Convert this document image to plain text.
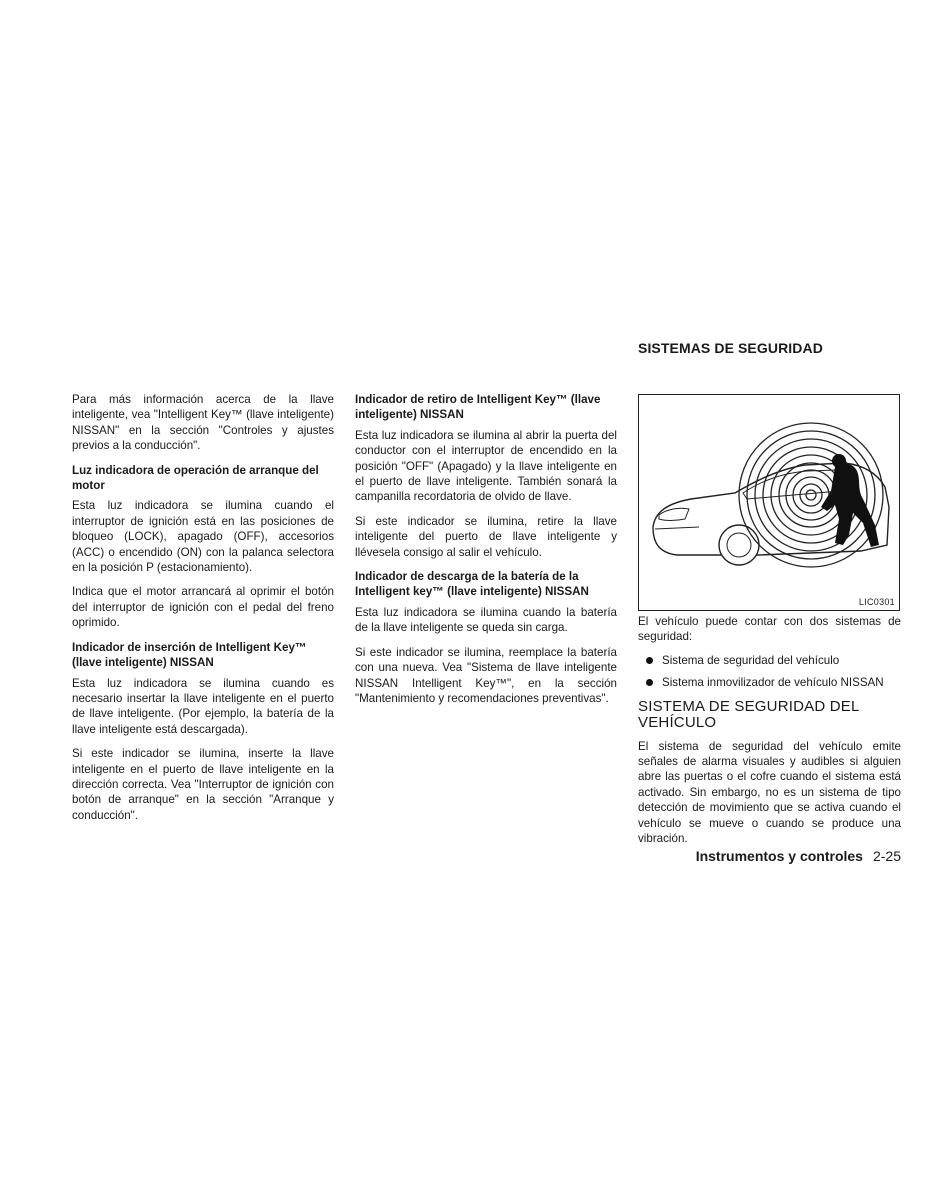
Para más información acerca de la llave inteligente, vea "Intelligent Key™ (llave inteligente) NISSAN" en la sección "Controles y ajustes previos a la conducción".

Luz indicadora de operación de arranque del motor

Esta luz indicadora se ilumina cuando el interruptor de ignición está en las posiciones de bloqueo (LOCK), apagado (OFF), accesorios (ACC) o encendido (ON) con la palanca selectora en la posición P (estacionamiento).

Indica que el motor arrancará al oprimir el botón del interruptor de ignición con el pedal del freno oprimido.

Indicador de inserción de Intelligent Key™ (llave inteligente) NISSAN

Esta luz indicadora se ilumina cuando es necesario insertar la llave inteligente en el puerto de llave inteligente. (Por ejemplo, la batería de la llave inteligente está descargada).

Si este indicador se ilumina, inserte la llave inteligente en el puerto de llave inteligente en la dirección correcta. Vea "Interruptor de ignición con botón de arranque" en la sección "Arranque y conducción".

Indicador de retiro de Intelligent Key™ (llave inteligente) NISSAN

Esta luz indicadora se ilumina al abrir la puerta del conductor con el interruptor de encendido en la posición "OFF" (Apagado) y la llave inteligente en el puerto de llave inteligente. También sonará la campanilla recordatoria de olvido de llave.

Si este indicador se ilumina, retire la llave inteligente del puerto de llave inteligente y llévesela consigo al salir el vehículo.

Indicador de descarga de la batería de la Intelligent key™ (llave inteligente) NISSAN

Esta luz indicadora se ilumina cuando la batería de la llave inteligente se queda sin carga.

Si este indicador se ilumina, reemplace la batería con una nueva. Vea "Sistema de llave inteligente NISSAN Intelligent Key™", en la sección "Mantenimiento y recomendaciones preventivas".

SISTEMAS DE SEGURIDAD
LIC0301

El vehículo puede contar con dos sistemas de seguridad:

Sistema de seguridad del vehículo
Sistema inmovilizador de vehículo NISSAN
SISTEMA DE SEGURIDAD DEL VEHÍCULO

El sistema de seguridad del vehículo emite señales de alarma visuales y audibles si alguien abre las puertas o el cofre cuando el sistema está activado. Sin embargo, no es un sistema de tipo detección de movimiento que se activa cuando el vehículo se mueve o cuando se produce una vibración.

Instrumentos y controles 2-25
